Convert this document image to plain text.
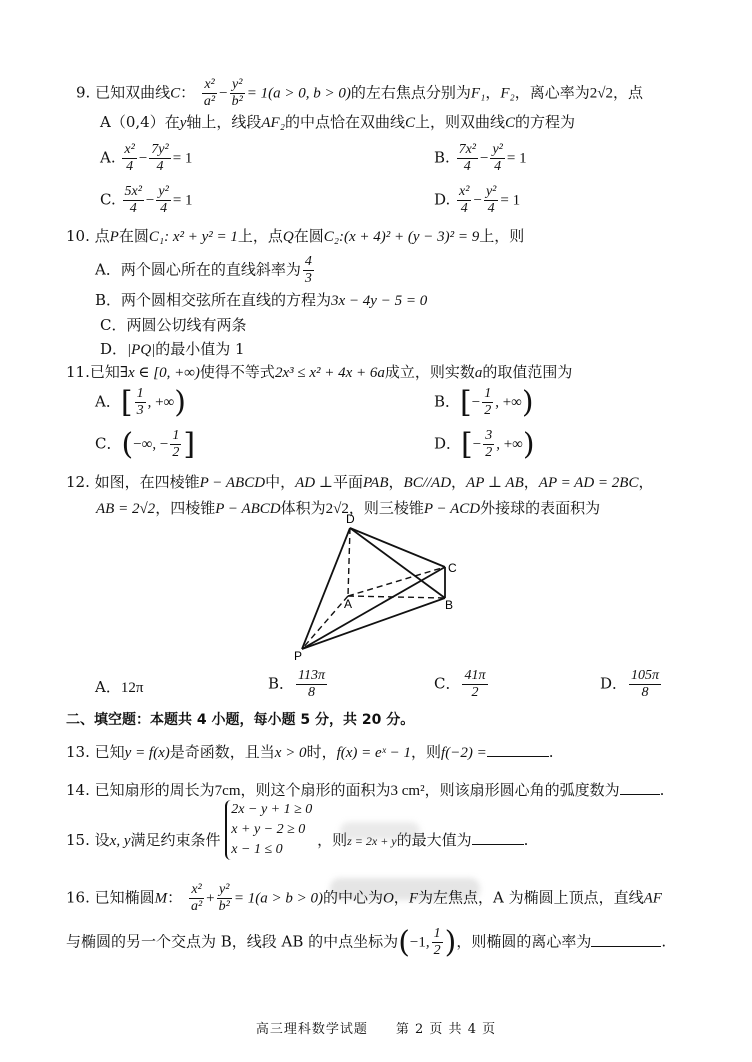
9. 已知双曲线C： $\frac{\text{x²}}{\text{a²}} - \frac{\text{y²}}{\text{b²}} = 1(a > 0$, b > 0)的左右焦点分别为F₁，F₂，离心率为2√2，点
A（0,4）在y轴上，线段AF₂的中点恰在双曲线C上，则双曲线C的方程为
A. $\frac{\text{x²}}{4} - \frac{\text{7y²}}{4} = 1$	B. $\frac{\text{7x²}}{4} - \frac{\text{y²}}{4} = 1$
C. $\frac{\text{5x²}}{4} - \frac{\text{y²}}{4} = 1$	D. $\frac{\text{x²}}{4} - \frac{\text{y²}}{4} = 1$
10. 点P在圆C₁: x² + y² = 1上，点Q在圆C₂:(x + 4)² + (y − 3)² = 9上，则
A．两个圆心所在的直线斜率为 $\frac{4}{3}$
B．两个圆相交弦所在直线的方程为3x − 4y − 5 = 0
C．两圆公切线有两条
D．|PQ|的最小值为 1
11.已知∃x ∈ [0, +∞)使得不等式2x³ ≤ x² + 4x + 6a成立，则实数a的取值范围为
A．[ $\frac{1}{3}$ , +∞)	B．[− $\frac{1}{2}$ , +∞)
C．(−∞, − $\frac{1}{2}$ ]	D．[− $\frac{3}{2}$ , +∞)
12. 如图，在四棱锥P − ABCD中，AD ⊥平面PAB，BC//AD，AP ⊥ AB，AP = AD = 2BC，
AB = 2√2，四棱锥P − ABCD体积为2√2，则三棱锥P − ACD外接球的表面积为
D
C
A	B
P
A．12π	B． $\frac{113\pi}{8}$	C． $\frac{41\pi}{2}$	D． $\frac{105\pi}{8}$
二、填空题：本题共 4 小题，每小题 5 分，共 20 分。
13. 已知y = f(x)是奇函数，且当x > 0时，f(x) = eˣ − 1，则f(−2) =	.
14. 已知扇形的周长为7cm，则这个扇形的面积为3 cm²，则该扇形圆心角的弧度数为	.
15. 设x, y满足约束条件
2x − y + 1 ≥ 0
x + y − 2 ≥ 0
x − 1 ≤ 0
，则z = 2x + y的最大值为	.
16. 已知椭圆M： $\frac{\text{x²}}{\text{a²}} + \frac{\text{y²}}{\text{b²}} = 1(a > b > 0)$的中心为O，F为左焦点，A 为椭圆上顶点，直线AF
与椭圆的另一个交点为 B，线段 AB 的中点坐标为(−1, $\frac{1}{2}$ )，则椭圆的离心率为	.
高三理科数学试题　　第 2 页 共 4 页
